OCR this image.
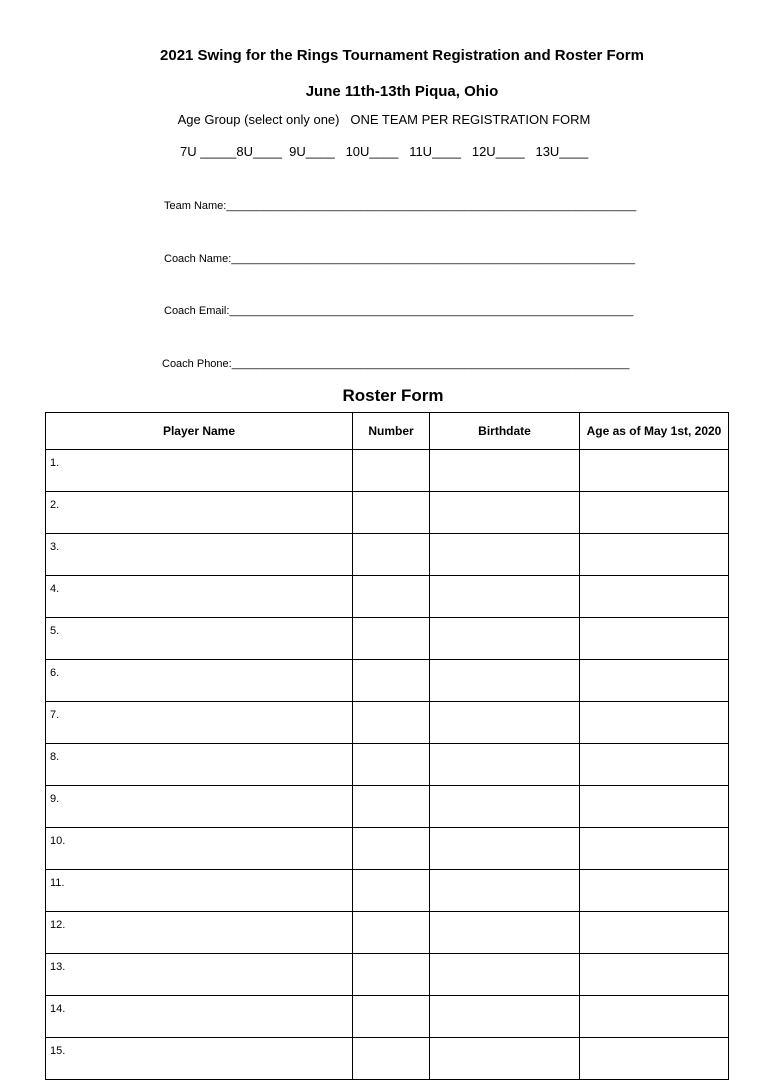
2021 Swing for the Rings Tournament Registration and Roster Form
June 11th-13th Piqua, Ohio
Age Group (select only one)   ONE TEAM PER REGISTRATION FORM
7U _____8U____ 9U____ 10U____ 11U____ 12U____ 13U____
Team Name:___________________________________________________________________
Coach Name:__________________________________________________________________
Coach Email:__________________________________________________________________
Coach Phone:_________________________________________________________________
Roster Form
Player Name	Number	Birthdate	Age as of May 1st, 2020
1.			
2.			
3.			
4.			
5.			
6.			
7.			
8.			
9.			
10.			
11.			
12.			
13.			
14.			
15.			
